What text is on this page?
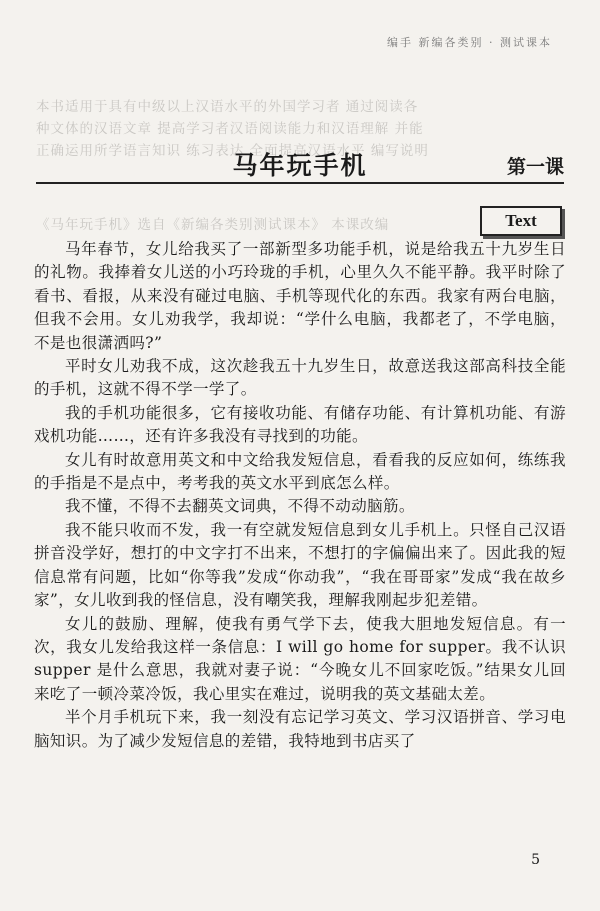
编手 新编各类别 · 测试课本
本书适用于具有中级以上汉语水平的外国学习者 通过阅读各
种文体的汉语文章 提高学习者汉语阅读能力和汉语理解 并能
正确运用所学语言知识 练习表达 全面提高汉语水平 编写说明
《马年玩手机》选自《新编各类别测试课本》 本课改编
马年玩手机	第一课
Text

马年春节，女儿给我买了一部新型多功能手机，说是给我五十九岁生日的礼物。我捧着女儿送的小巧玲珑的手机，心里久久不能平静。我平时除了看书、看报，从来没有碰过电脑、手机等现代化的东西。我家有两台电脑，但我不会用。女儿劝我学，我却说：“学什么电脑，我都老了，不学电脑，不是也很潇洒吗?”

平时女儿劝我不成，这次趁我五十九岁生日，故意送我这部高科技全能的手机，这就不得不学一学了。

我的手机功能很多，它有接收功能、有储存功能、有计算机功能、有游戏机功能……，还有许多我没有寻找到的功能。

女儿有时故意用英文和中文给我发短信息，看看我的反应如何，练练我的手指是不是点中，考考我的英文水平到底怎么样。

我不懂，不得不去翻英文词典，不得不动动脑筋。

我不能只收而不发，我一有空就发短信息到女儿手机上。只怪自己汉语拼音没学好，想打的中文字打不出来，不想打的字偏偏出来了。因此我的短信息常有问题，比如“你等我”发成“你动我”，“我在哥哥家”发成“我在故乡家”，女儿收到我的怪信息，没有嘲笑我，理解我刚起步犯差错。

女儿的鼓励、理解，使我有勇气学下去，使我大胆地发短信息。有一次，我女儿发给我这样一条信息：I will go home for supper。我不认识 supper 是什么意思，我就对妻子说：“今晚女儿不回家吃饭。”结果女儿回来吃了一顿冷菜冷饭，我心里实在难过，说明我的英文基础太差。

半个月手机玩下来，我一刻没有忘记学习英文、学习汉语拼音、学习电脑知识。为了减少发短信息的差错，我特地到书店买了

5
